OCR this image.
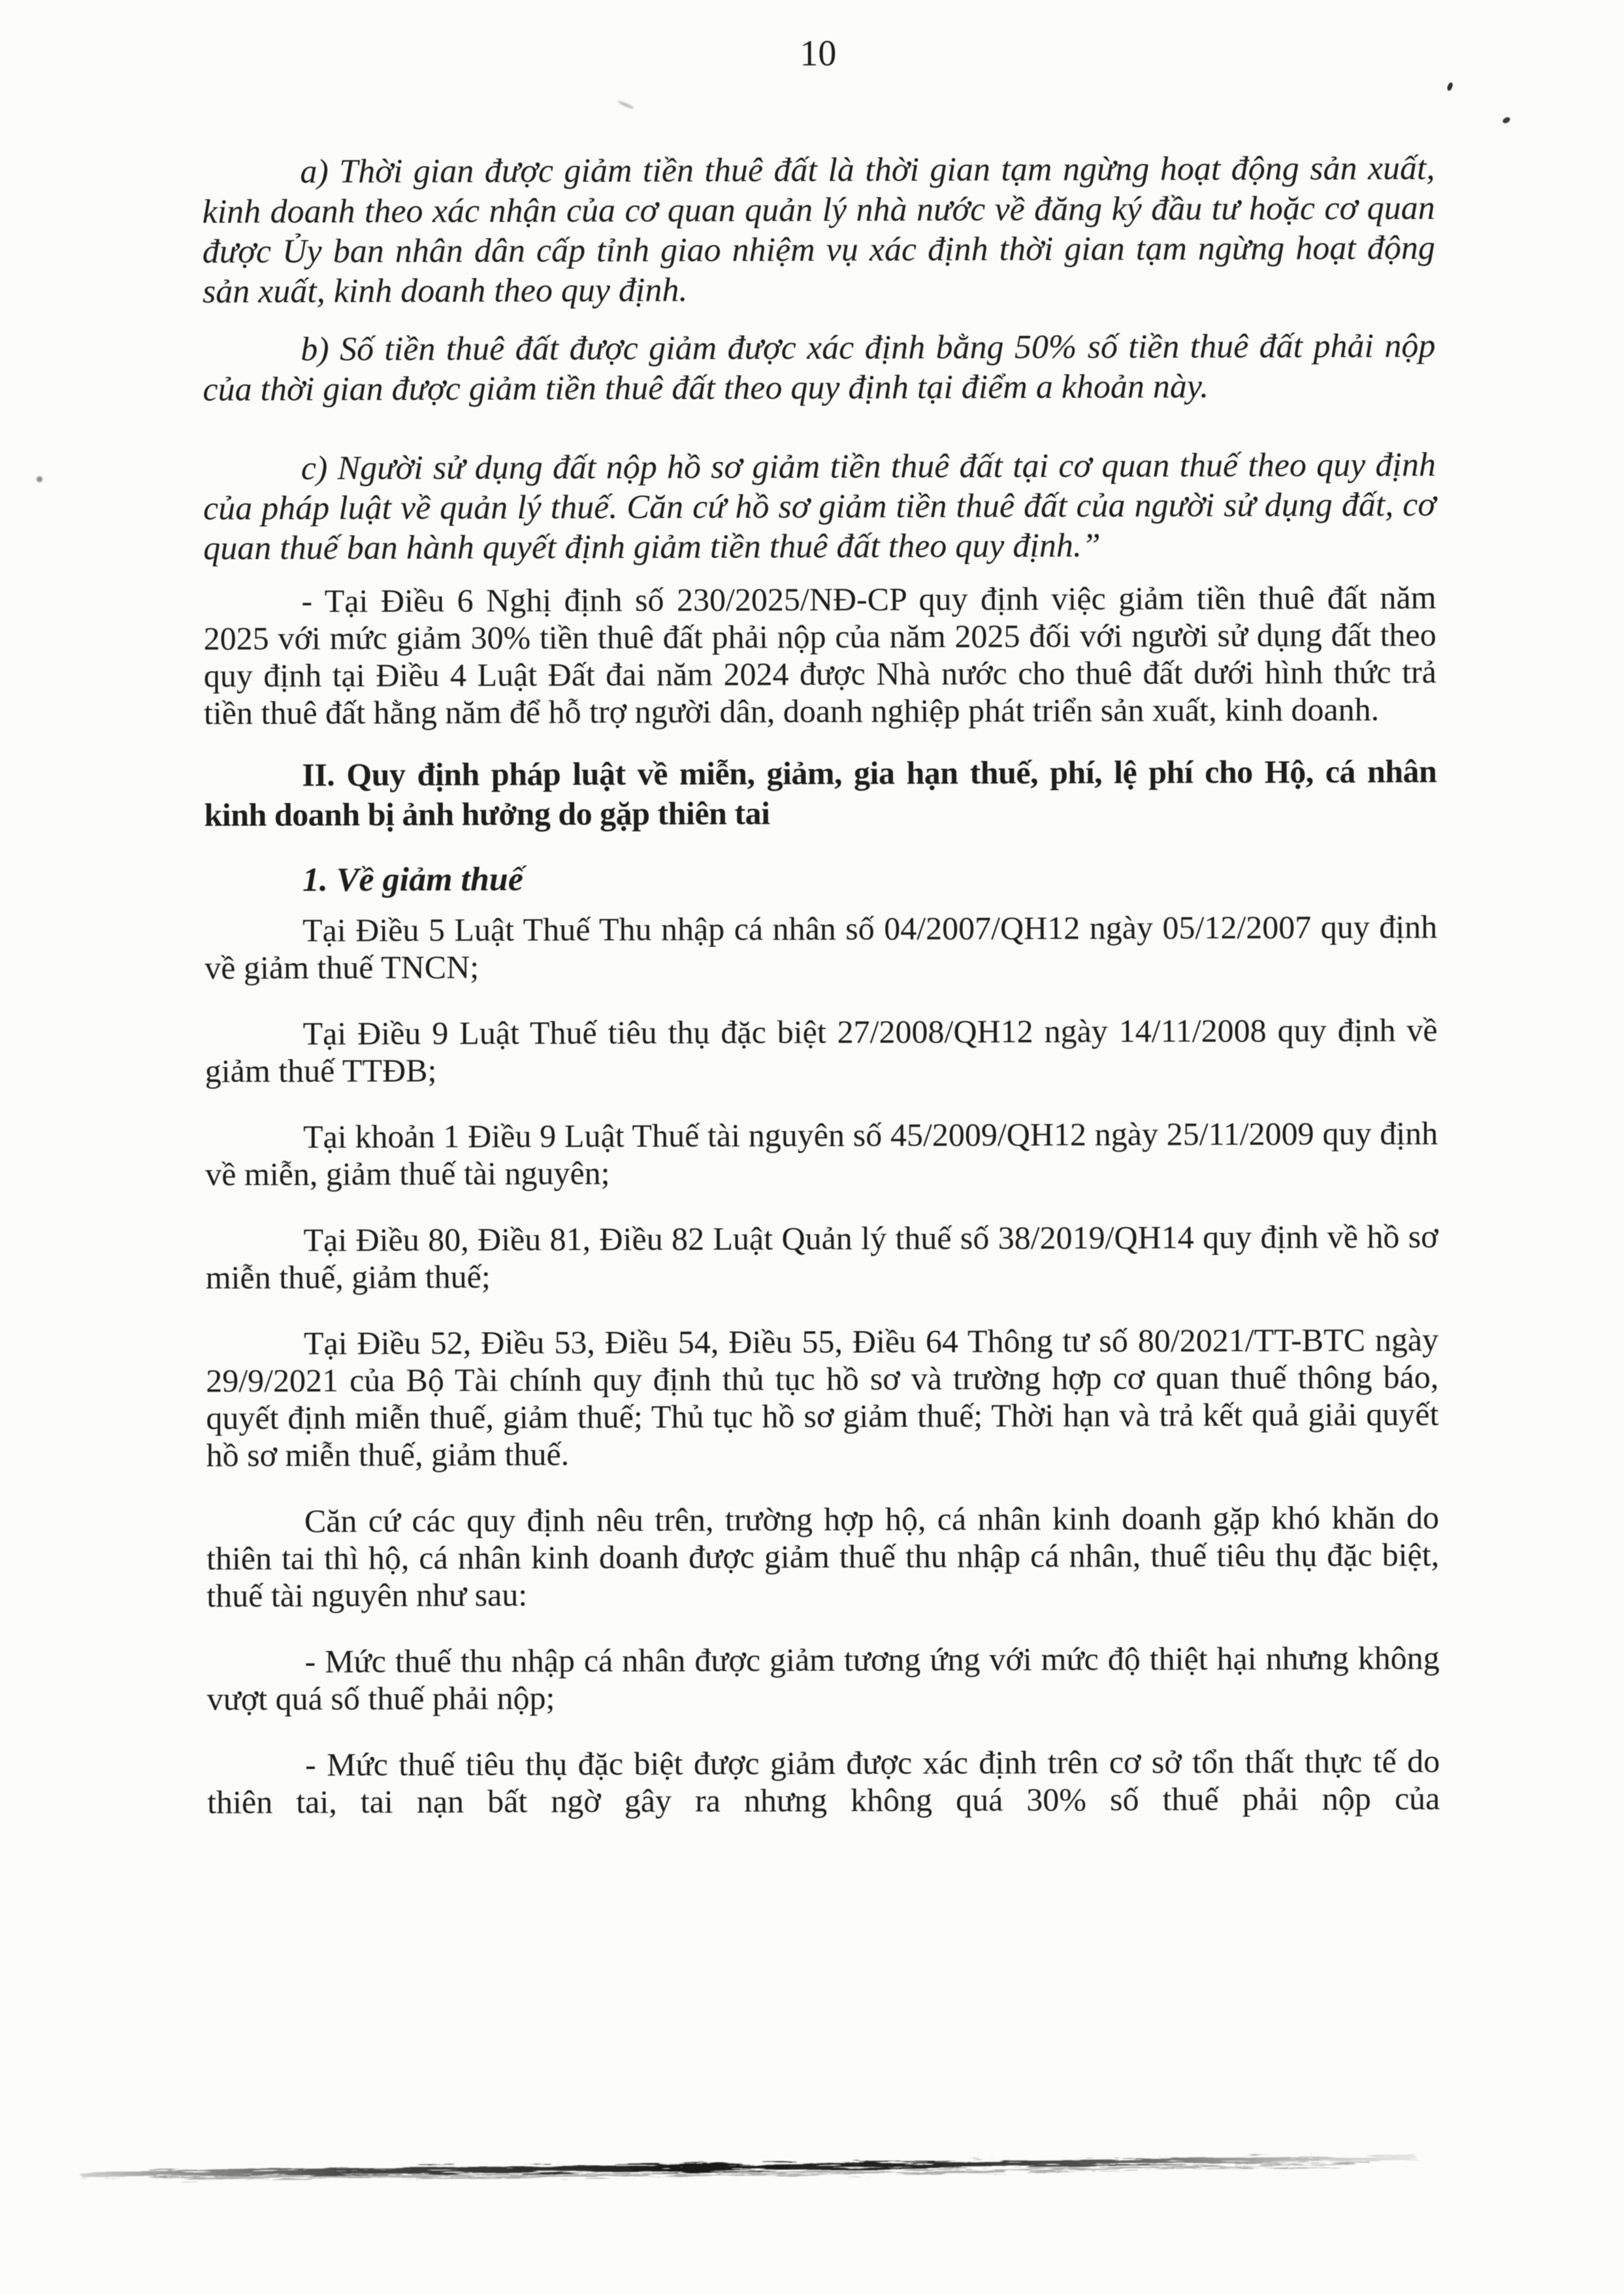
10

a) Thời gian được giảm tiền thuê đất là thời gian tạm ngừng hoạt động sản xuất, kinh doanh theo xác nhận của cơ quan quản lý nhà nước về đăng ký đầu tư hoặc cơ quan được Ủy ban nhân dân cấp tỉnh giao nhiệm vụ xác định thời gian tạm ngừng hoạt động sản xuất, kinh doanh theo quy định.

b) Số tiền thuê đất được giảm được xác định bằng 50% số tiền thuê đất phải nộp của thời gian được giảm tiền thuê đất theo quy định tại điểm a khoản này.

c) Người sử dụng đất nộp hồ sơ giảm tiền thuê đất tại cơ quan thuế theo quy định của pháp luật về quản lý thuế. Căn cứ hồ sơ giảm tiền thuê đất của người sử dụng đất, cơ quan thuế ban hành quyết định giảm tiền thuê đất theo quy định.”

- Tại Điều 6 Nghị định số 230/2025/NĐ-CP quy định việc giảm tiền thuê đất năm 2025 với mức giảm 30% tiền thuê đất phải nộp của năm 2025 đối với người sử dụng đất theo quy định tại Điều 4 Luật Đất đai năm 2024 được Nhà nước cho thuê đất dưới hình thức trả tiền thuê đất hằng năm để hỗ trợ người dân, doanh nghiệp phát triển sản xuất, kinh doanh.

II. Quy định pháp luật về miễn, giảm, gia hạn thuế, phí, lệ phí cho Hộ, cá nhân kinh doanh bị ảnh hưởng do gặp thiên tai

1. Về giảm thuế

Tại Điều 5 Luật Thuế Thu nhập cá nhân số 04/2007/QH12 ngày 05/12/2007 quy định về giảm thuế TNCN;

Tại Điều 9 Luật Thuế tiêu thụ đặc biệt 27/2008/QH12 ngày 14/11/2008 quy định về giảm thuế TTĐB;

Tại khoản 1 Điều 9 Luật Thuế tài nguyên số 45/2009/QH12 ngày 25/11/2009 quy định về miễn, giảm thuế tài nguyên;

Tại Điều 80, Điều 81, Điều 82 Luật Quản lý thuế số 38/2019/QH14 quy định về hồ sơ miễn thuế, giảm thuế;

Tại Điều 52, Điều 53, Điều 54, Điều 55, Điều 64 Thông tư số 80/2021/TT-BTC ngày 29/9/2021 của Bộ Tài chính quy định thủ tục hồ sơ và trường hợp cơ quan thuế thông báo, quyết định miễn thuế, giảm thuế; Thủ tục hồ sơ giảm thuế; Thời hạn và trả kết quả giải quyết hồ sơ miễn thuế, giảm thuế.

Căn cứ các quy định nêu trên, trường hợp hộ, cá nhân kinh doanh gặp khó khăn do thiên tai thì hộ, cá nhân kinh doanh được giảm thuế thu nhập cá nhân, thuế tiêu thụ đặc biệt, thuế tài nguyên như sau:

- Mức thuế thu nhập cá nhân được giảm tương ứng với mức độ thiệt hại nhưng không vượt quá số thuế phải nộp;

- Mức thuế tiêu thụ đặc biệt được giảm được xác định trên cơ sở tổn thất thực tế do thiên tai, tai nạn bất ngờ gây ra nhưng không quá 30% số thuế phải nộp của
